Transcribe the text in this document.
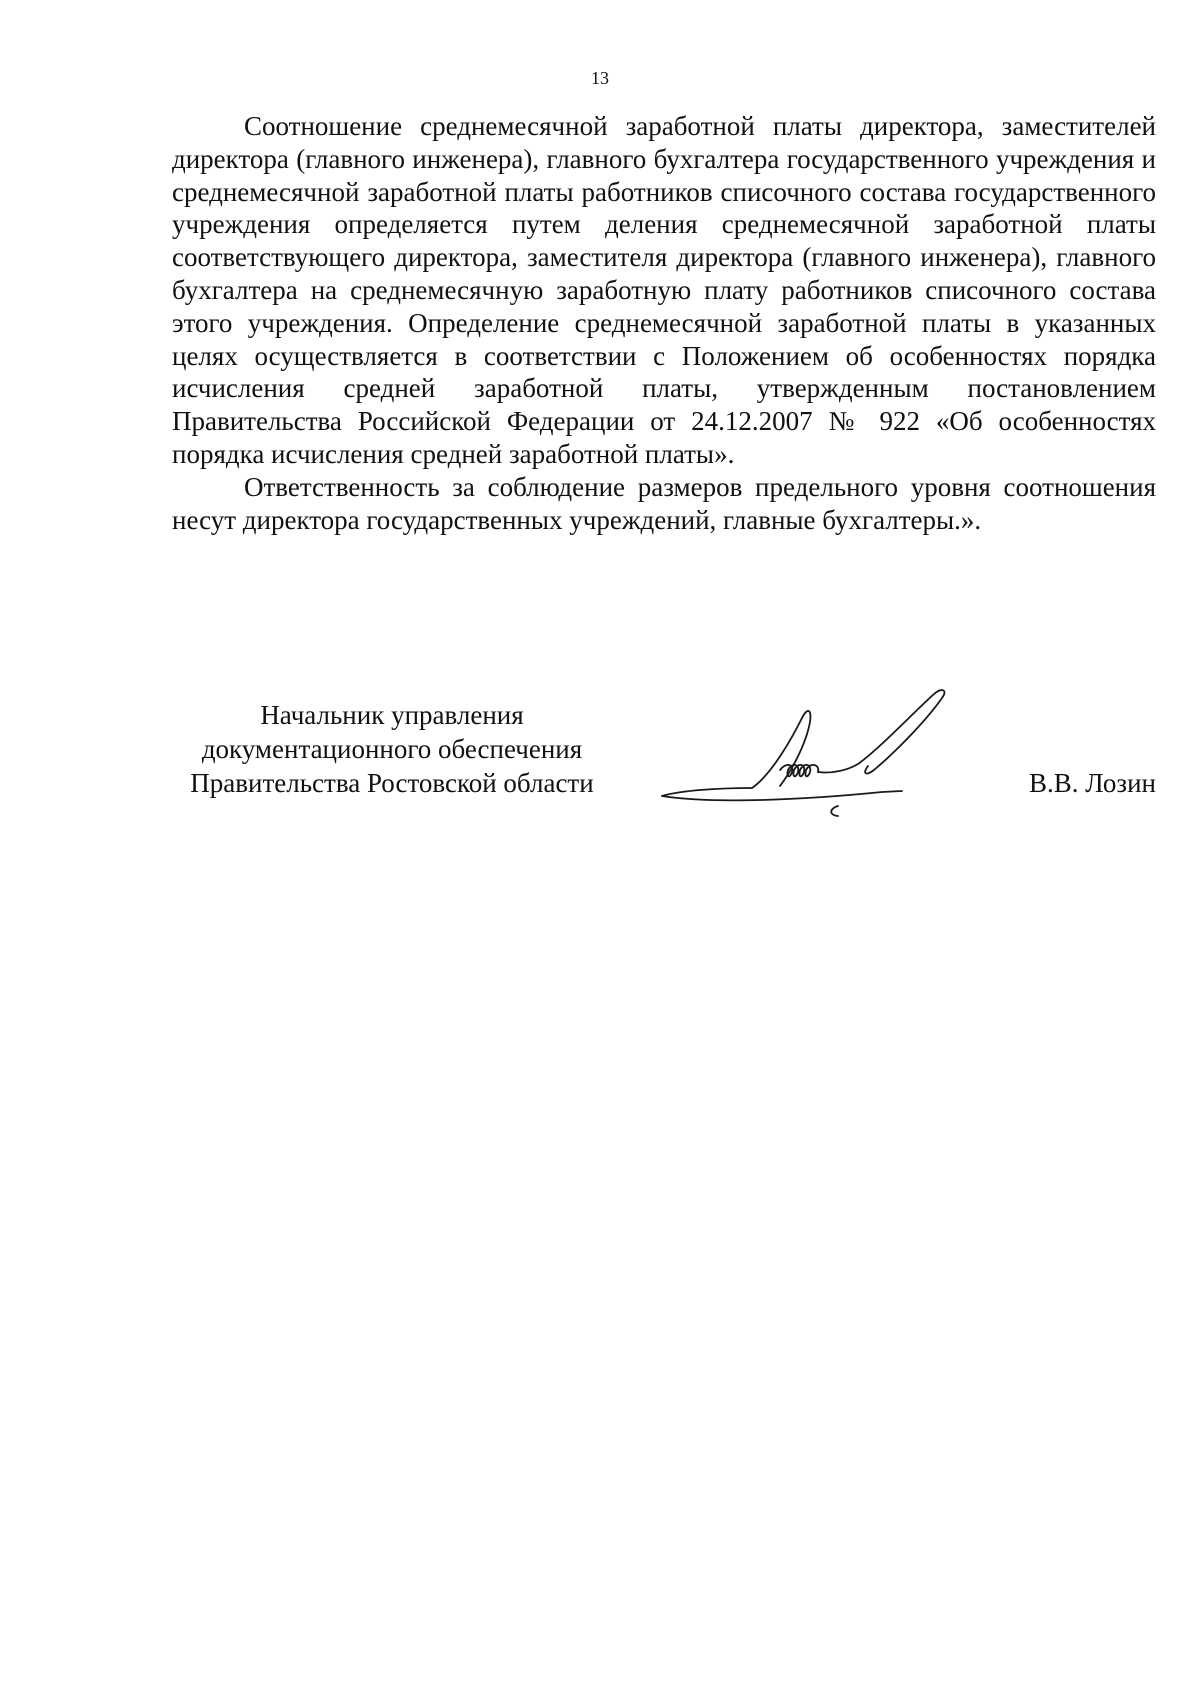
13

Соотношение среднемесячной заработной платы директора, заместителей директора (главного инженера), главного бухгалтера государственного учреждения и среднемесячной заработной платы работников списочного состава государственного учреждения определяется путем деления среднемесячной заработной платы соответствующего директора, заместителя директора (главного инженера), главного бухгалтера на среднемесячную заработную плату работников списочного состава этого учреждения. Определение среднемесячной заработной платы в указанных целях осуществляется в соответствии с Положением об особенностях порядка исчисления средней заработной платы, утвержденным постановлением Правительства Российской Федерации от 24.12.2007 № 922 «Об особенностях порядка исчисления средней заработной платы».

Ответственность за соблюдение размеров предельного уровня соотношения несут директора государственных учреждений, главные бухгалтеры.».

Начальник управления
документационного обеспечения
Правительства Ростовской области	В.В. Лозин
